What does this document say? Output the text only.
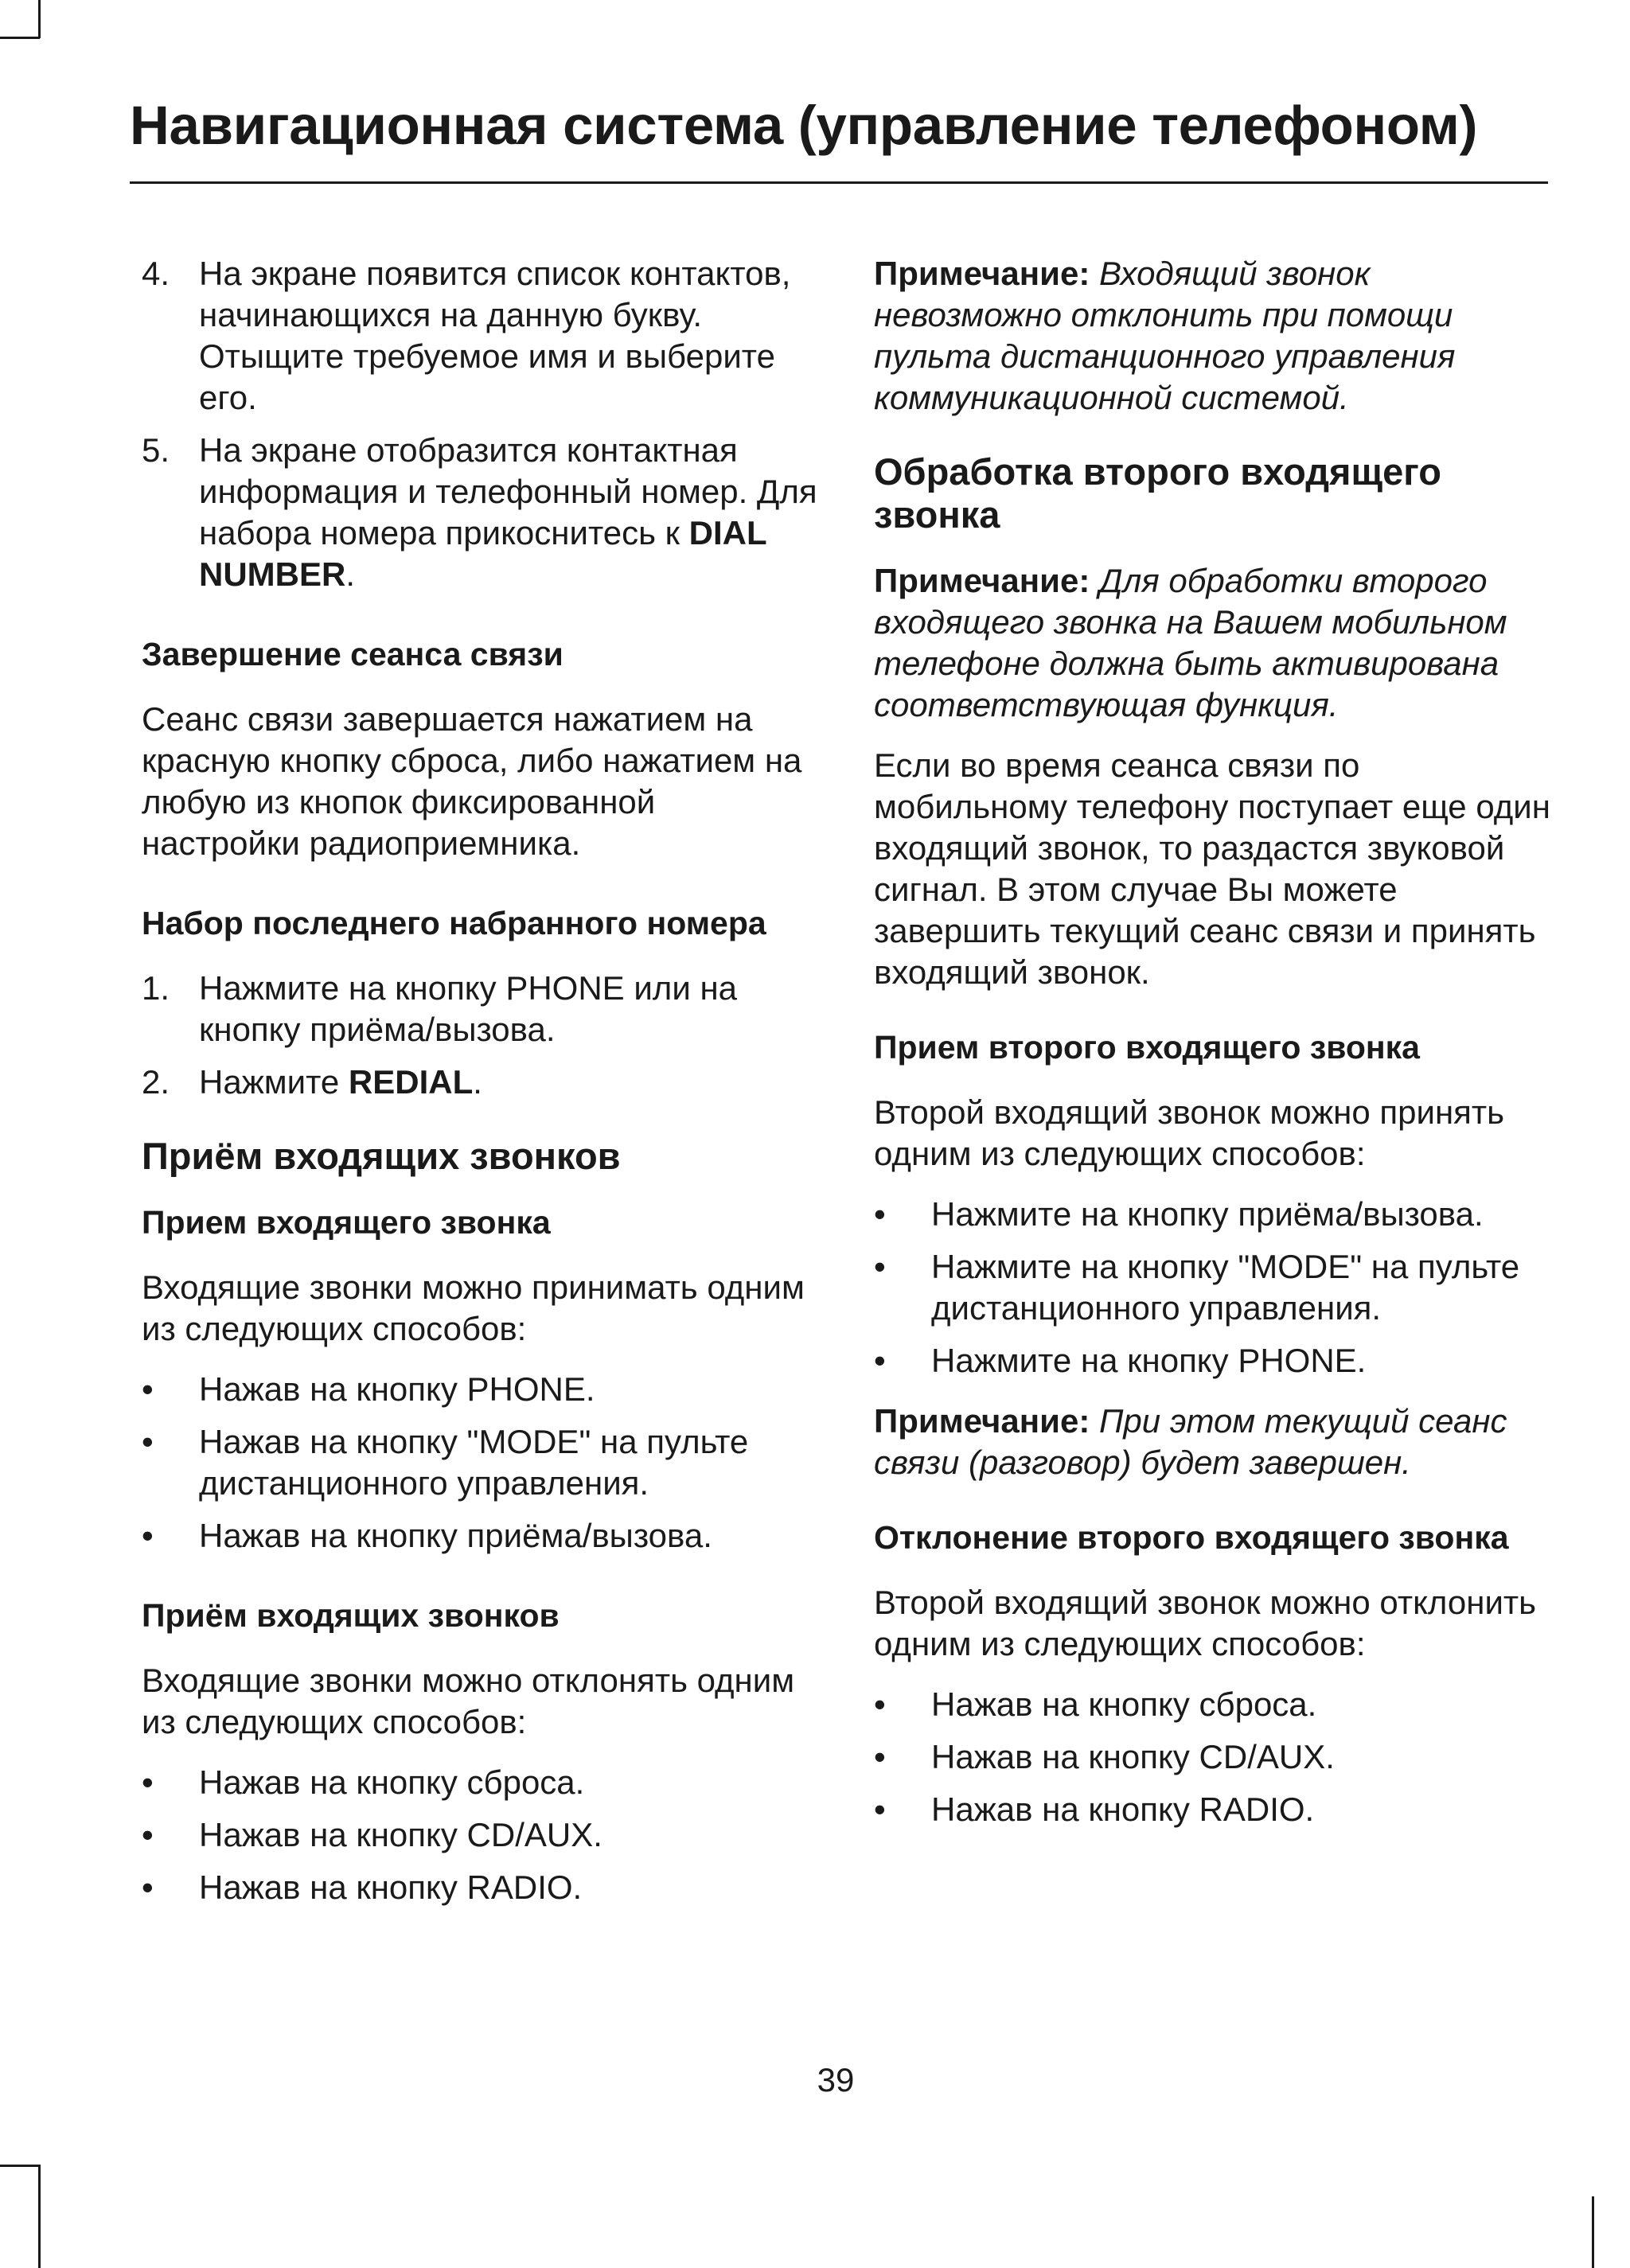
Навигационная система (управление телефоном)
4. На экране появится список контактов, начинающихся на данную букву. Отыщите требуемое имя и выберите его.
5. На экране отобразится контактная информация и телефонный номер. Для набора номера прикоснитесь к DIAL NUMBER.
Завершение сеанса связи

Сеанс связи завершается нажатием на красную кнопку сброса, либо нажатием на любую из кнопок фиксированной настройки радиоприемника.

Набор последнего набранного номера
1. Нажмите на кнопку PHONE или на кнопку приёма/вызова.
2. Нажмите REDIAL.
Приём входящих звонков
Прием входящего звонка

Входящие звонки можно принимать одним из следующих способов:

• Нажав на кнопку PHONE.
• Нажав на кнопку "MODE" на пульте дистанционного управления.
• Нажав на кнопку приёма/вызова.
Приём входящих звонков

Входящие звонки можно отклонять одним из следующих способов:

• Нажав на кнопку сброса.
• Нажав на кнопку CD/AUX.
• Нажав на кнопку RADIO.

Примечание: Входящий звонок невозможно отклонить при помощи пульта дистанционного управления коммуникационной системой.

Обработка второго входящего звонка

Примечание: Для обработки второго входящего звонка на Вашем мобильном телефоне должна быть активирована соответствующая функция.

Если во время сеанса связи по мобильному телефону поступает еще один входящий звонок, то раздастся звуковой сигнал. В этом случае Вы можете завершить текущий сеанс связи и принять входящий звонок.

Прием второго входящего звонка

Второй входящий звонок можно принять одним из следующих способов:

• Нажмите на кнопку приёма/вызова.
• Нажмите на кнопку "MODE" на пульте дистанционного управления.
• Нажмите на кнопку PHONE.

Примечание: При этом текущий сеанс связи (разговор) будет завершен.

Отклонение второго входящего звонка

Второй входящий звонок можно отклонить одним из следующих способов:

• Нажав на кнопку сброса.
• Нажав на кнопку CD/AUX.
• Нажав на кнопку RADIO.
39
